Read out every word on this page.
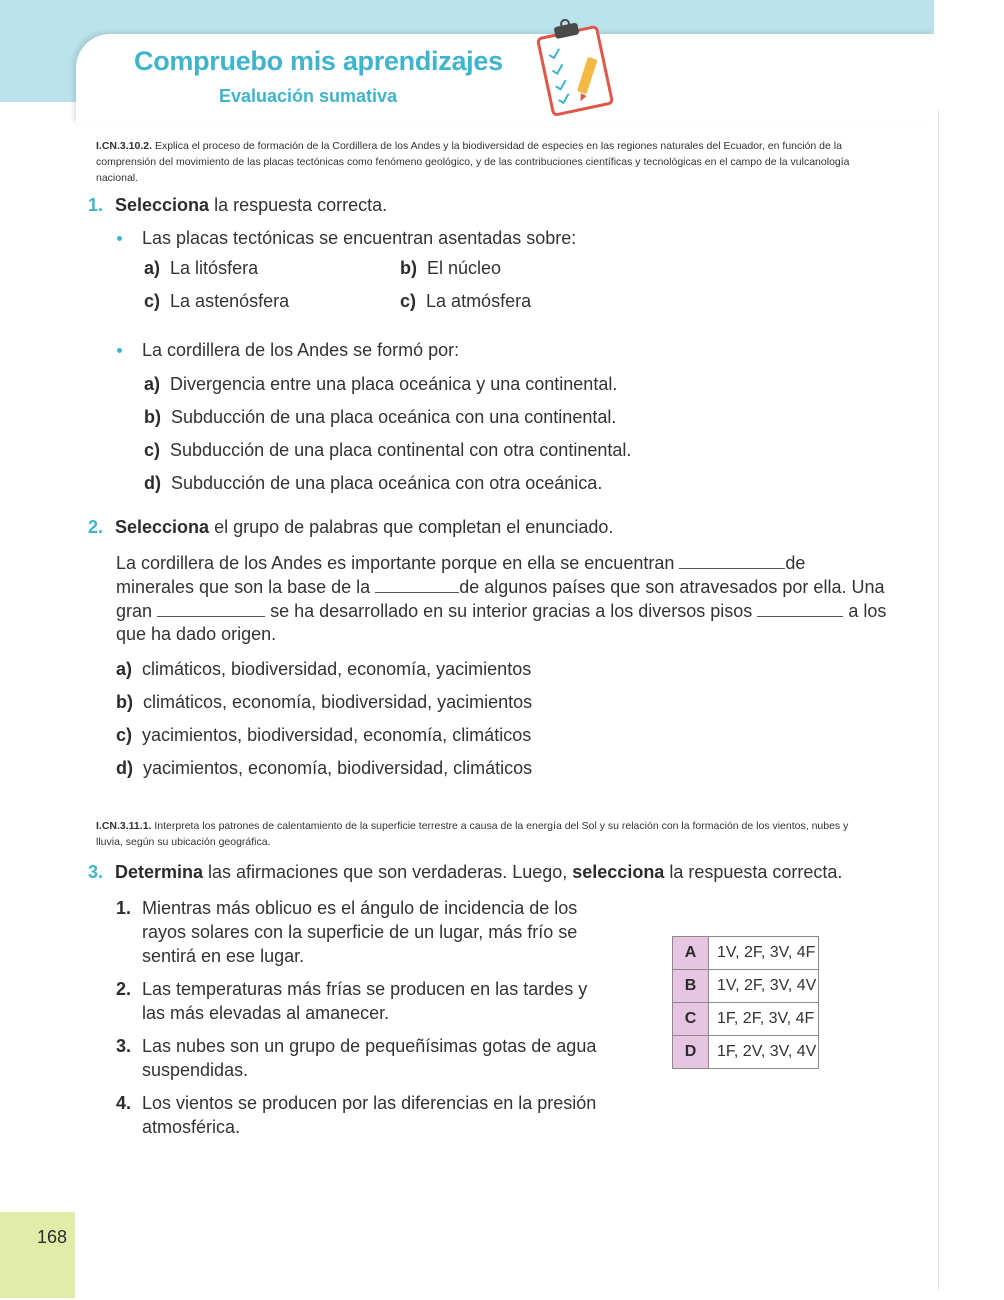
Compruebo mis aprendizajes
Evaluación sumativa
I.CN.3.10.2. Explica el proceso de formación de la Cordillera de los Andes y la biodiversidad de especies en las regiones naturales del Ecuador, en función de la comprensión del movimiento de las placas tectónicas como fenómeno geológico, y de las contribuciones científicas y tecnológicas en el campo de la vulcanología nacional.
1. Selecciona la respuesta correcta.
Las placas tectónicas se encuentran asentadas sobre:
a) La litósfera	b) El núcleo
c) La astenósfera	c) La atmósfera
La cordillera de los Andes se formó por:
a) Divergencia entre una placa oceánica y una continental.
b) Subducción de una placa oceánica con una continental.
c) Subducción de una placa continental con otra continental.
d) Subducción de una placa oceánica con otra oceánica.
2. Selecciona el grupo de palabras que completan el enunciado.
La cordillera de los Andes es importante porque en ella se encuentran	de
minerales que son la base de la	de algunos países que son atravesados por ella. Una
gran	se ha desarrollado en su interior gracias a los diversos pisos	a los
que ha dado origen.
a) climáticos, biodiversidad, economía, yacimientos
b) climáticos, economía, biodiversidad, yacimientos
c) yacimientos, biodiversidad, economía, climáticos
d) yacimientos, economía, biodiversidad, climáticos
I.CN.3.11.1. Interpreta los patrones de calentamiento de la superficie terrestre a causa de la energía del Sol y su relación con la formación de los vientos, nubes y lluvia, según su ubicación geográfica.
3. Determina las afirmaciones que son verdaderas. Luego, selecciona la respuesta correcta.
1. Mientras más oblicuo es el ángulo de incidencia de los
rayos solares con la superficie de un lugar, más frío se
sentirá en ese lugar.
2. Las temperaturas más frías se producen en las tardes y
las más elevadas al amanecer.
3. Las nubes son un grupo de pequeñísimas gotas de agua
suspendidas.
4. Los vientos se producen por las diferencias en la presión
atmosférica.
A	1V, 2F, 3V, 4F
B	1V, 2F, 3V, 4V
C	1F, 2F, 3V, 4F
D	1F, 2V, 3V, 4V
168
